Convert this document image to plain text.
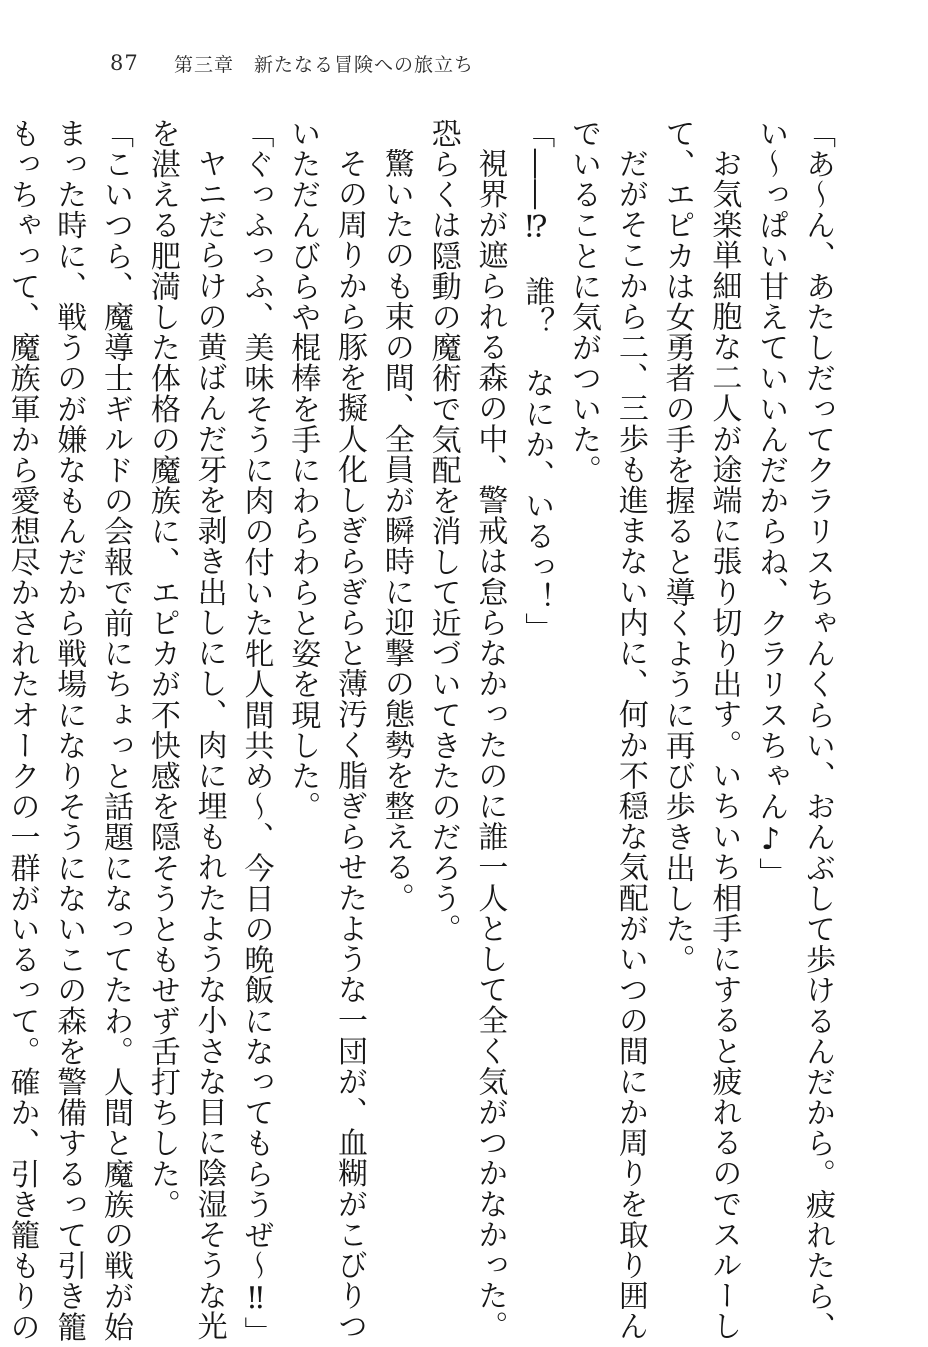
87	第三章　新たなる冒険への旅立ち
「あ～ん、あたしだってクラリスちゃんくらい、おんぶして歩けるんだから。疲れたら、
い～っぱい甘えていいんだからね、クラリスちゃん♪」
お気楽単細胞な二人が途端に張り切り出す。いちいち相手にすると疲れるのでスルーし
て、エピカは女勇者の手を握ると導くように再び歩き出した。
だがそこから二、三歩も進まない内に、何か不穏な気配がいつの間にか周りを取り囲ん
でいることに気がついた。
「――⁉　誰？　なにか、いるっ！」
視界が遮られる森の中、警戒は怠らなかったのに誰一人として全く気がつかなかった。
恐らくは隠動の魔術で気配を消して近づいてきたのだろう。
驚いたのも束の間、全員が瞬時に迎撃の態勢を整える。
その周りから豚を擬人化しぎらぎらと薄汚く脂ぎらせたような一団が、血糊がこびりつ
いただんびらや棍棒を手にわらわらと姿を現した。
「ぐっふっふ、美味そうに肉の付いた牝人間共め～、今日の晩飯になってもらうぜ～‼」
ヤニだらけの黄ばんだ牙を剥き出しにし、肉に埋もれたような小さな目に陰湿そうな光
を湛える肥満した体格の魔族に、エピカが不快感を隠そうともせず舌打ちした。
「こいつら、魔導士ギルドの会報で前にちょっと話題になってたわ。人間と魔族の戦が始
まった時に、戦うのが嫌なもんだから戦場になりそうにないこの森を警備するって引き籠
もっちゃって、魔族軍から愛想尽かされたオークの一群がいるって。確か、引き籠もりの
